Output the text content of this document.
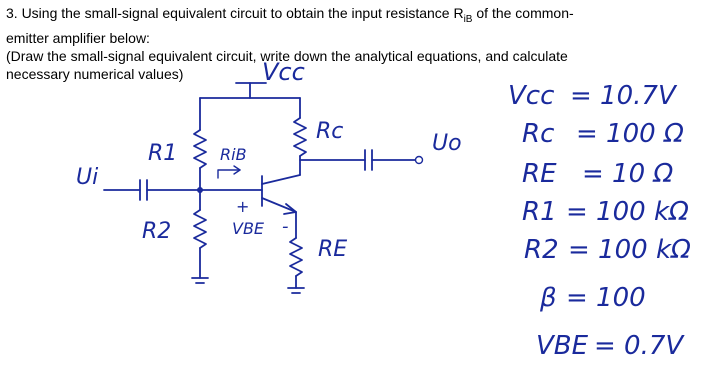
3. Using the small-signal equivalent circuit to obtain the input resistance $R_{iB}$ of the common-
emitter amplifier below:
(Draw the small-signal equivalent circuit, write down the analytical equations, and calculate
necessary numerical values)	Vcc
R1
Rc	Uo
Ui
RiB
+
VBE -
R2
RE
Vcc = 10.7V
Rc = 100 Ω
RE = 10 Ω
R1 = 100 kΩ
R2 = 100 kΩ
β = 100
VBE = 0.7V
